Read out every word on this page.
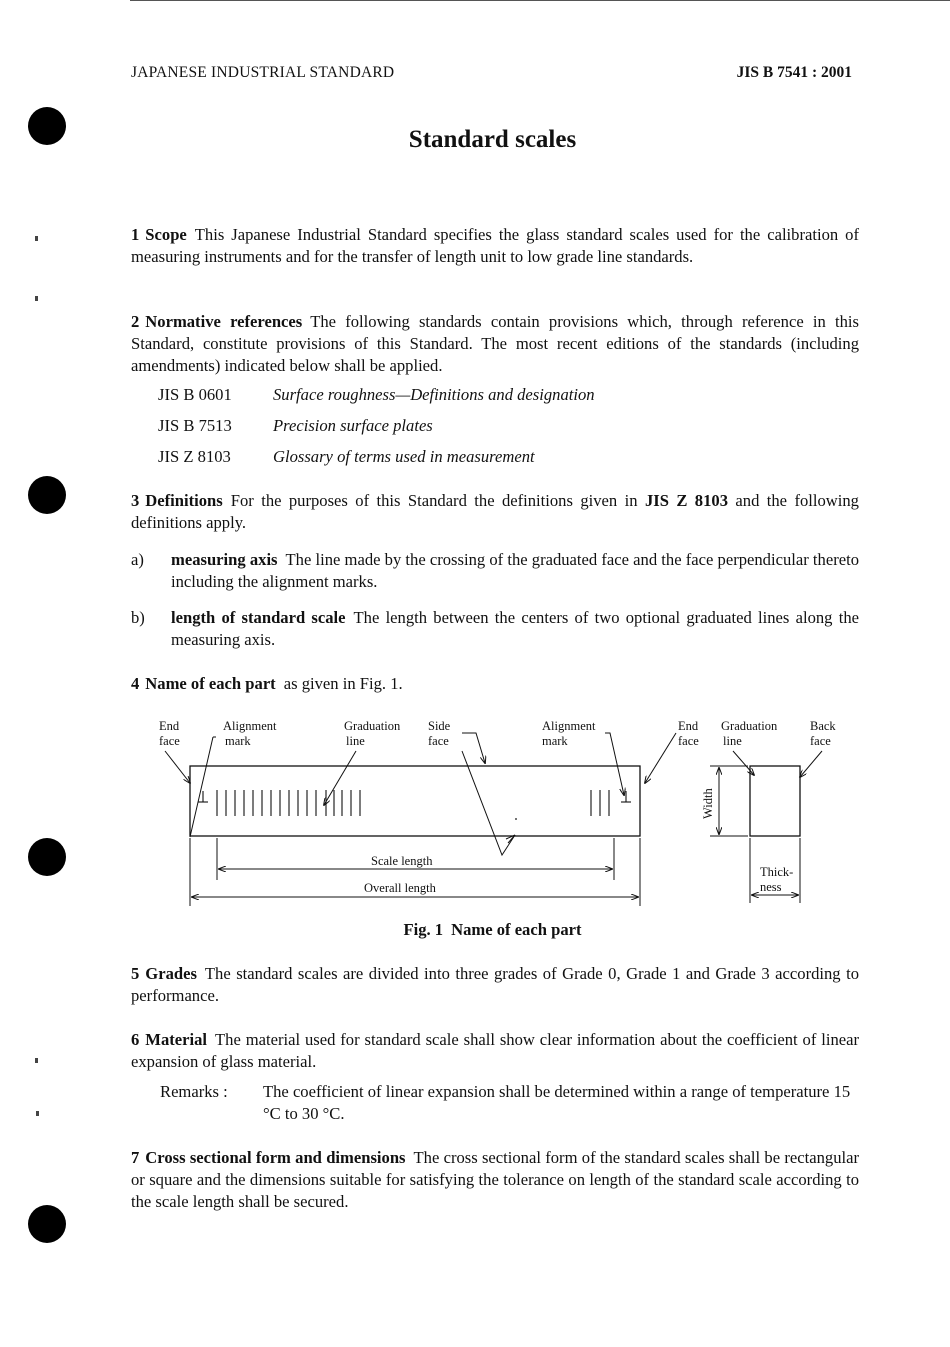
JAPANESE INDUSTRIAL STANDARD	JIS B 7541 : 2001
Standard scales
1 Scope This Japanese Industrial Standard specifies the glass standard scales used for the calibration of measuring instruments and for the transfer of length unit to low grade line standards.
2 Normative references The following standards contain provisions which, through reference in this Standard, constitute provisions of this Standard. The most recent editions of the standards (including amendments) indicated below shall be applied.
JIS B 0601 Surface roughness—Definitions and designation
JIS B 7513 Precision surface plates
JIS Z 8103	Glossary of terms used in measurement
3 Definitions For the purposes of this Standard the definitions given in JIS Z 8103 and the following definitions apply.
a) measuring axis The line made by the crossing of the graduated face and the face perpendicular thereto including the alignment marks.
b) length of standard scale The length between the centers of two optional graduated lines along the measuring axis.
4 Name of each part as given in Fig. 1.
End
face
Alignment
mark
Graduation
line
Side
face
Alignment
mark
End
face
Graduation
line
Back
face
Scale length
Overall length
Width
Thick-
ness
Fig. 1 Name of each part
5 Grades The standard scales are divided into three grades of Grade 0, Grade 1 and Grade 3 according to performance.
6 Material The material used for standard scale shall show clear information about the coefficient of linear expansion of glass material.
Remarks : The coefficient of linear expansion shall be determined within a range of temperature 15 °C to 30 °C.
7 Cross sectional form and dimensions The cross sectional form of the standard scales shall be rectangular or square and the dimensions suitable for satisfying the tolerance on length of the standard scale according to the scale length shall be secured.
